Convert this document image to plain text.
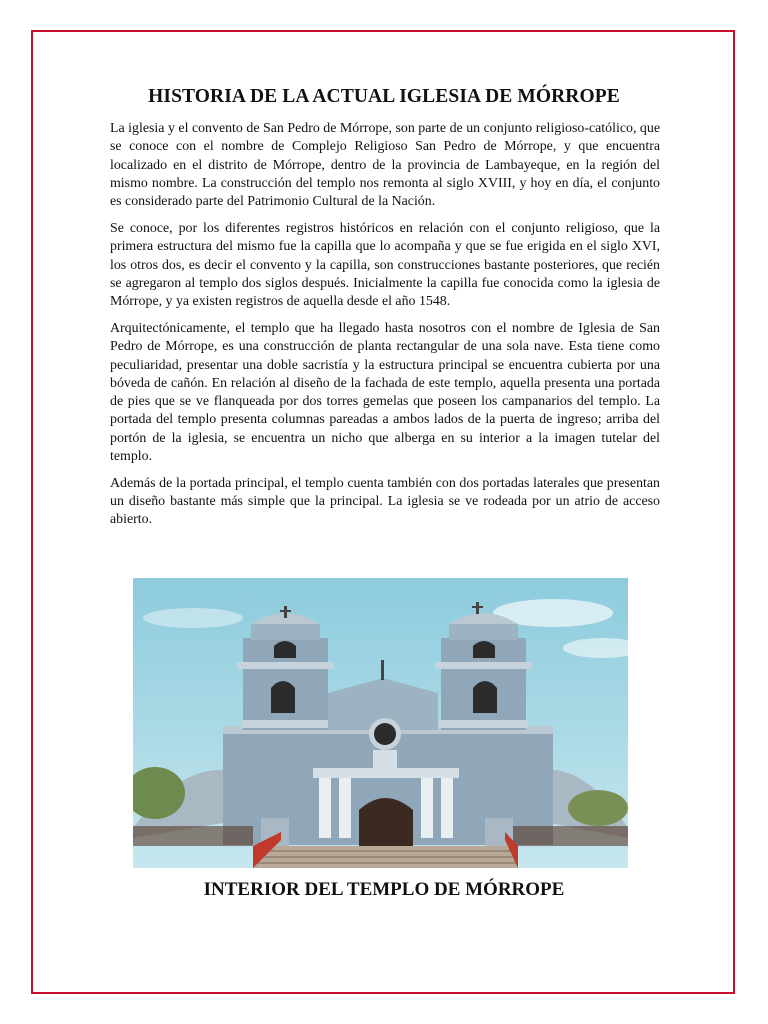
HISTORIA DE LA ACTUAL IGLESIA DE MÓRROPE

La iglesia y el convento de San Pedro de Mórrope, son parte de un conjunto religioso-católico, que se conoce con el nombre de Complejo Religioso San Pedro de Mórrope, y que encuentra localizado en el distrito de Mórrope, dentro de la provincia de Lambayeque, en la región del mismo nombre. La construcción del templo nos remonta al siglo XVIII, y hoy en día, el conjunto es considerado parte del Patrimonio Cultural de la Nación.

Se conoce, por los diferentes registros históricos en relación con el conjunto religioso, que la primera estructura del mismo fue la capilla que lo acompaña y que se fue erigida en el siglo XVI, los otros dos, es decir el convento y la capilla, son construcciones bastante posteriores, que recién se agregaron al templo dos siglos después. Inicialmente la capilla fue conocida como la iglesia de Mórrope, y ya existen registros de aquella desde el año 1548.

Arquitectónicamente, el templo que ha llegado hasta nosotros con el nombre de Iglesia de San Pedro de Mórrope, es una construcción de planta rectangular de una sola nave. Esta tiene como peculiaridad, presentar una doble sacristía y la estructura principal se encuentra cubierta por una bóveda de cañón. En relación al diseño de la fachada de este templo, aquella presenta una portada de pies que se ve flanqueada por dos torres gemelas que poseen los campanarios del templo. La portada del templo presenta columnas pareadas a ambos lados de la puerta de ingreso; arriba del portón de la iglesia, se encuentra un nicho que alberga en su interior a la imagen tutelar del templo.

Además de la portada principal, el templo cuenta también con dos portadas laterales que presentan un diseño bastante más simple que la principal. La iglesia se ve rodeada por un atrio de acceso abierto.

INTERIOR DEL TEMPLO DE MÓRROPE
